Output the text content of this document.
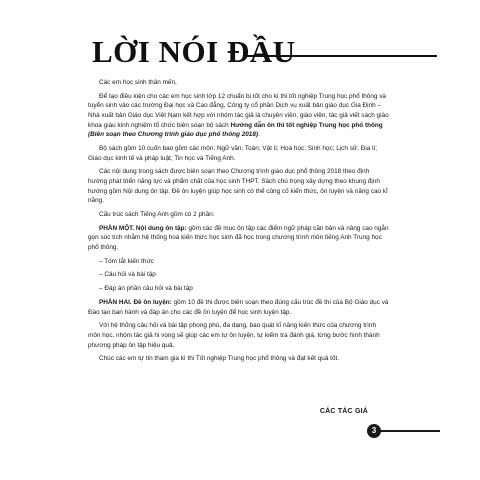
LỜI NÓI ĐẦU

Các em học sinh thân mến,

Để tạo điều kiện cho các em học sinh lớp 12 chuẩn bị tốt cho kì thi tốt nghiệp Trung học phổ thông và tuyển sinh vào các trường Đại học và Cao đẳng, Công ty cổ phần Dịch vụ xuất bản giáo dục Gia Định – Nhà xuất bản Giáo dục Việt Nam kết hợp với nhóm tác giả là chuyên viên, giáo viên, tác giả viết sách giáo khoa giàu kinh nghiệm tổ chức biên soạn bộ sách Hướng dẫn ôn thi tốt nghiệp Trung học phổ thông (Biên soạn theo Chương trình giáo dục phổ thông 2018).

Bộ sách gồm 10 cuốn bao gồm các môn: Ngữ văn; Toán; Vật lí; Hoá học; Sinh học; Lịch sử; Địa lí; Giáo dục kinh tế và pháp luật; Tin học và Tiếng Anh.

Các nội dung trong sách được biên soạn theo Chương trình giáo dục phổ thông 2018 theo định hướng phát triển năng lực và phẩm chất của học sinh THPT. Sách chú trọng xây dựng theo khung định hướng gồm Nội dung ôn tập, Đề ôn luyện giúp học sinh có thể củng cố kiến thức, ôn luyện và nâng cao kĩ năng.

Cấu trúc sách Tiếng Anh gồm có 2 phần:

PHẦN MỘT. Nội dung ôn tập: gồm các đề mục ôn tập các điểm ngữ pháp căn bản và nâng cao ngắn gọn súc tích nhằm hệ thống hoá kiến thức học sinh đã học trong chương trình môn tiếng Anh Trung học phổ thông.

– Tóm tắt kiến thức
– Câu hỏi và bài tập
– Đáp án phần câu hỏi và bài tập

PHẦN HAI. Đề ôn luyện: gồm 10 đề thi được biên soạn theo đúng cấu trúc đề thi của Bộ Giáo dục và Đào tạo ban hành và đáp án cho các đề ôn luyện để học sinh luyện tập.

Với hệ thống câu hỏi và bài tập phong phú, đa dạng, bao quát kĩ năng kiến thức của chương trình môn học, nhóm tác giả hi vọng sẽ giúp các em tự ôn luyện, tự kiểm tra đánh giá, từng bước hình thành phương pháp ôn tập hiệu quả.

Chúc các em tự tin tham gia kì thi Tốt nghiệp Trung học phổ thông và đạt kết quả tốt.

CÁC TÁC GIẢ
3
